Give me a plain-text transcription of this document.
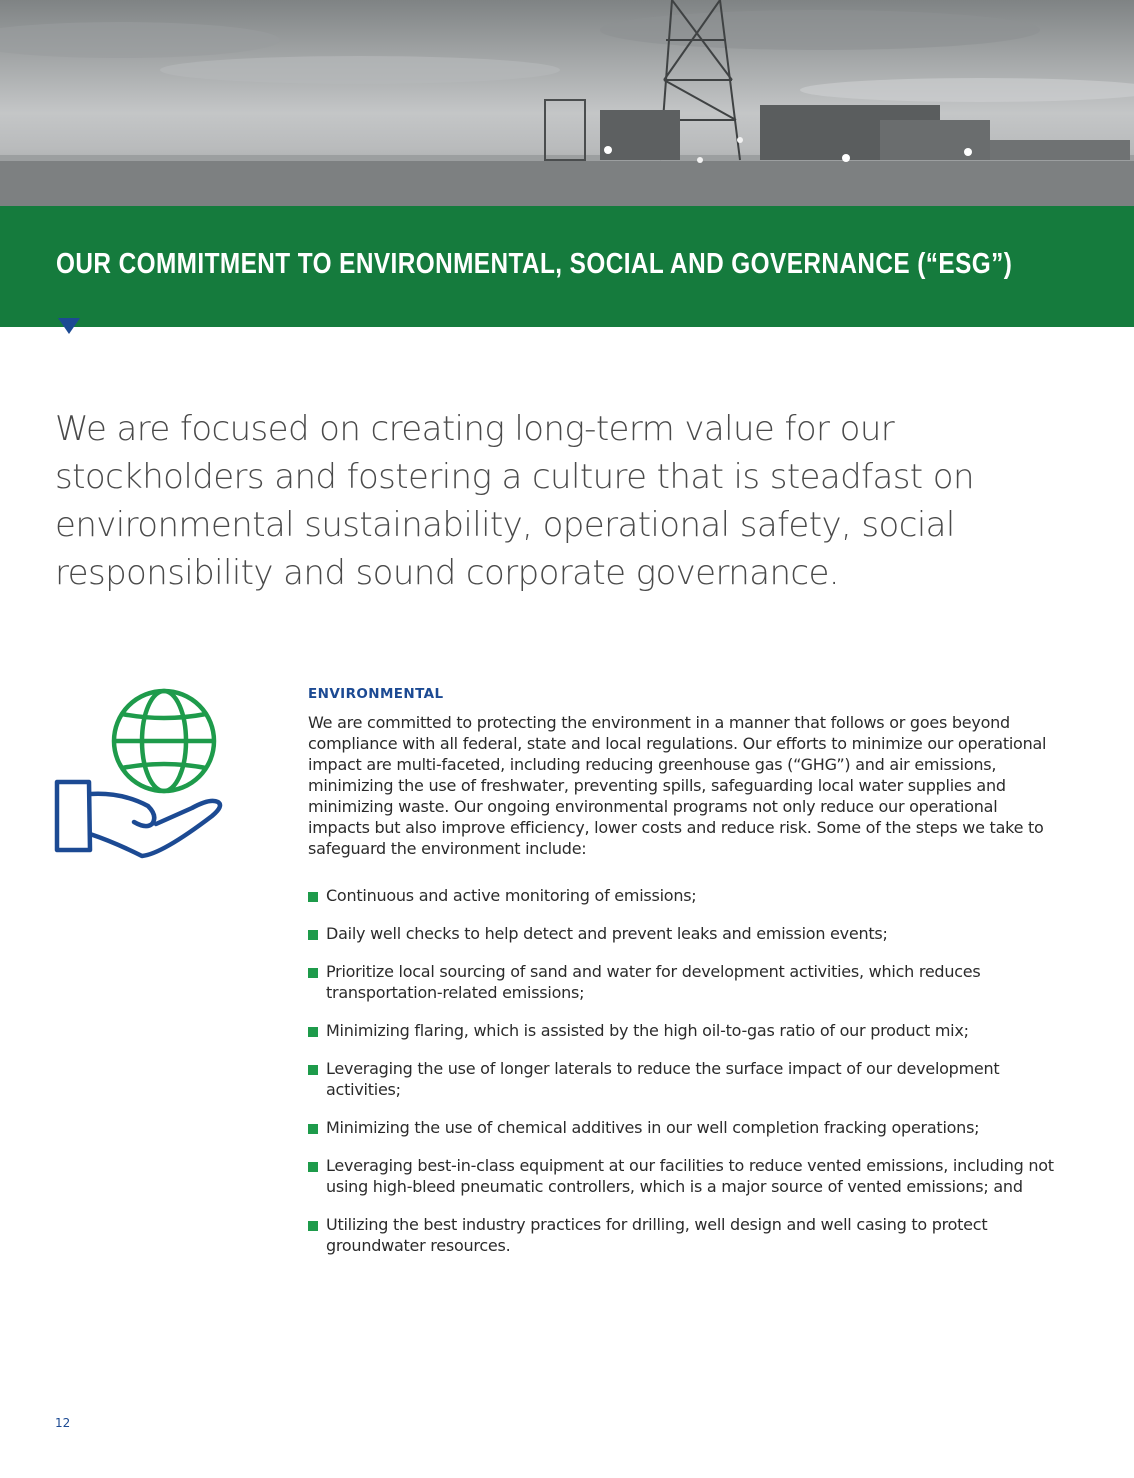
OUR COMMITMENT TO ENVIRONMENTAL, SOCIAL AND GOVERNANCE (“ESG”)
We are focused on creating long-term value for our stockholders and fostering a culture that is steadfast on environmental sustainability, operational safety, social responsibility and sound corporate governance.
ENVIRONMENTAL
We are committed to protecting the environment in a manner that follows or goes beyond compliance with all federal, state and local regulations. Our efforts to minimize our operational impact are multi-faceted, including reducing greenhouse gas (“GHG”) and air emissions, minimizing the use of freshwater, preventing spills, safeguarding local water supplies and minimizing waste. Our ongoing environmental programs not only reduce our operational impacts but also improve efficiency, lower costs and reduce risk. Some of the steps we take to safeguard the environment include:
Continuous and active monitoring of emissions;
Daily well checks to help detect and prevent leaks and emission events;
Prioritize local sourcing of sand and water for development activities, which reduces transportation-related emissions;
Minimizing flaring, which is assisted by the high oil-to-gas ratio of our product mix;
Leveraging the use of longer laterals to reduce the surface impact of our development activities;
Minimizing the use of chemical additives in our well completion fracking operations;
Leveraging best-in-class equipment at our facilities to reduce vented emissions, including not using high-bleed pneumatic controllers, which is a major source of vented emissions; and
Utilizing the best industry practices for drilling, well design and well casing to protect groundwater resources.
12
